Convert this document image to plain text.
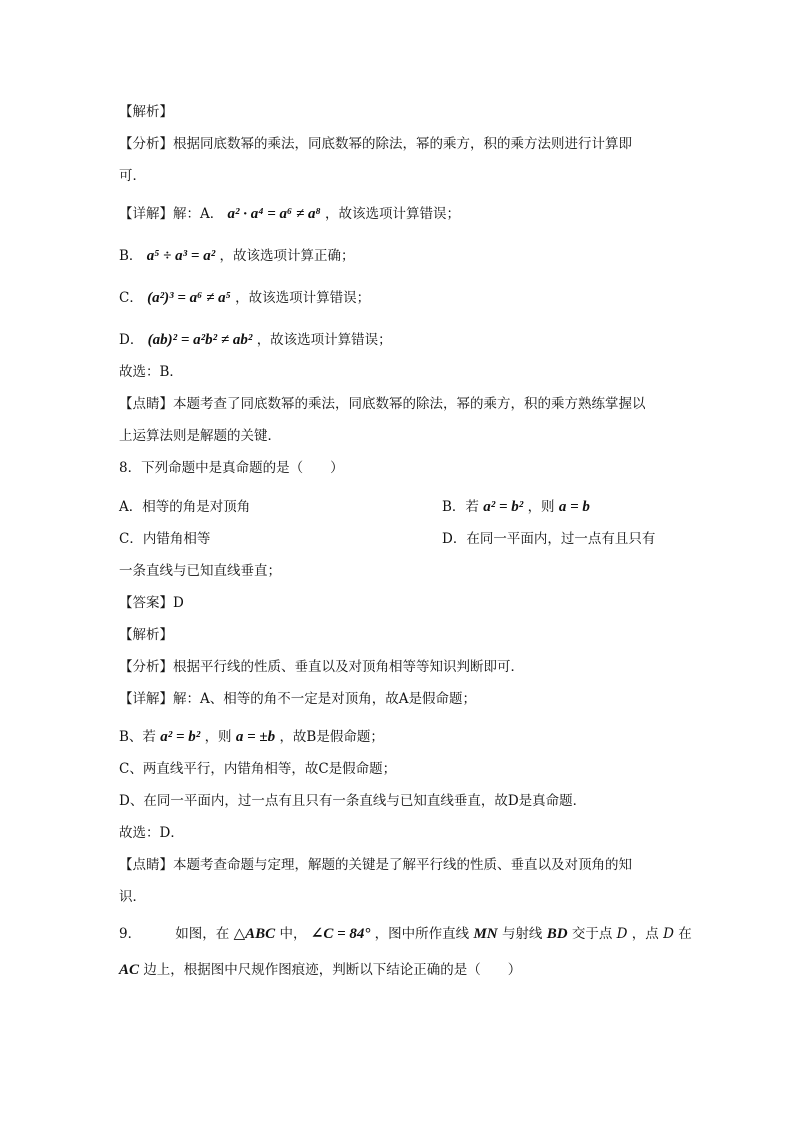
【解析】
【分析】根据同底数幂的乘法，同底数幂的除法，幂的乘方，积的乘方法则进行计算即
可．
【详解】解：A． a² · a⁴ = a⁶ ≠ a⁸ ，故该选项计算错误；
B． a⁵ ÷ a³ = a² ，故该选项计算正确；
C． (a²)³ = a⁶ ≠ a⁵ ，故该选项计算错误；
D． (ab)² = a²b² ≠ ab² ，故该选项计算错误；
故选：B．
【点睛】本题考查了同底数幂的乘法，同底数幂的除法，幂的乘方，积的乘方熟练掌握以
上运算法则是解题的关键．
8．下列命题中是真命题的是（　　）
A．相等的角是对顶角	B．若 a² = b² ，则 a = b
C．内错角相等	D．在同一平面内，过一点有且只有
一条直线与已知直线垂直；
【答案】D
【解析】
【分析】根据平行线的性质、垂直以及对顶角相等等知识判断即可．
【详解】解：A、相等的角不一定是对顶角，故A是假命题；
B、若 a² = b² ，则 a = ±b ，故B是假命题；
C、两直线平行，内错角相等，故C是假命题；
D、在同一平面内，过一点有且只有一条直线与已知直线垂直，故D是真命题．
故选：D．
【点睛】本题考查命题与定理，解题的关键是了解平行线的性质、垂直以及对顶角的知
识．
9．	如图，在 △ABC 中， ∠C = 84° ，图中所作直线 MN 与射线 BD 交于点 D ，点 D 在
AC 边上，根据图中尺规作图痕迹，判断以下结论正确的是（　　）
